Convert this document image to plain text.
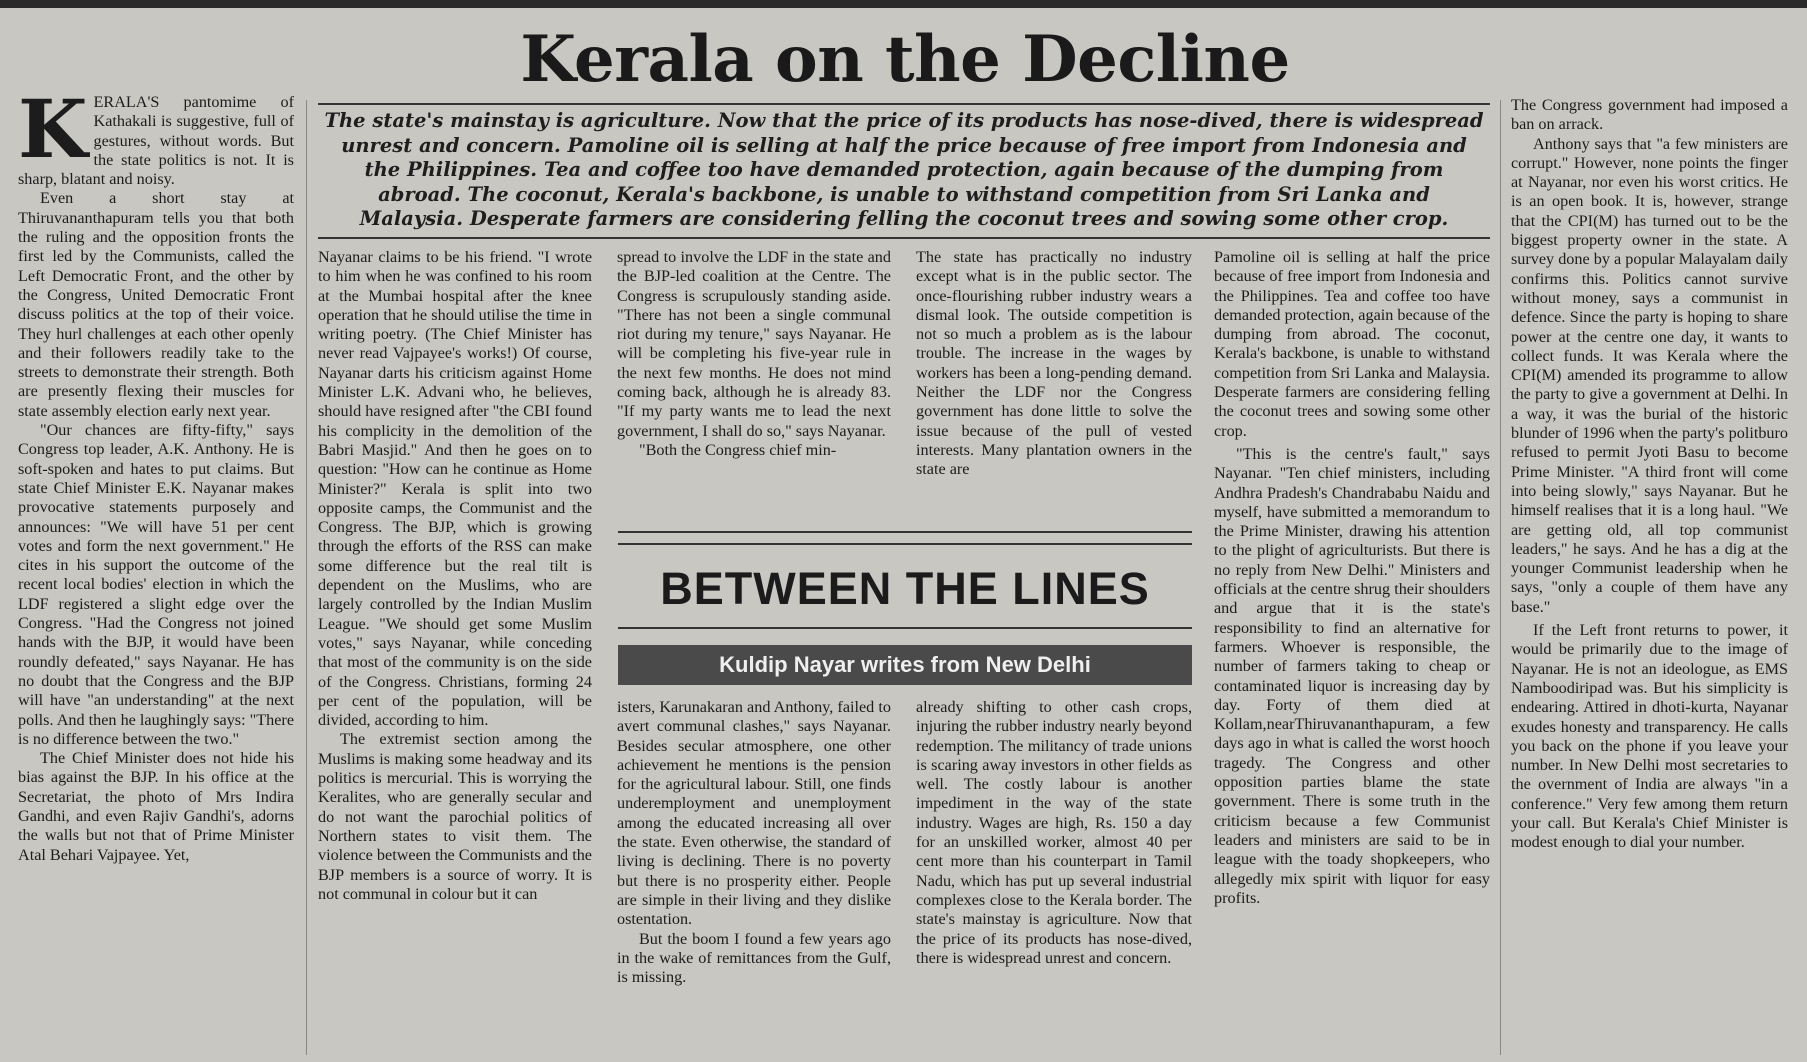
Kerala on the Decline
The state's mainstay is agriculture. Now that the price of its products has nose-dived, there is widespread unrest and concern. Pamoline oil is selling at half the price because of free import from Indonesia and the Philippines. Tea and coffee too have demanded protection, again because of the dumping from abroad. The coconut, Kerala's backbone, is unable to withstand competition from Sri Lanka and Malaysia. Desperate farmers are considering felling the coconut trees and sowing some other crop.

KERALA'S pantomime of Kathakali is suggestive, full of gestures, without words. But the state politics is not. It is sharp, blatant and noisy.

Even a short stay at Thiruvananthapuram tells you that both the ruling and the opposition fronts the first led by the Communists, called the Left Democratic Front, and the other by the Congress, United Democratic Front discuss politics at the top of their voice. They hurl challenges at each other openly and their followers readily take to the streets to demonstrate their strength. Both are presently flexing their muscles for state assembly election early next year.

"Our chances are fifty-fifty," says Congress top leader, A.K. Anthony. He is soft-spoken and hates to put claims. But state Chief Minister E.K. Nayanar makes provocative statements purposely and announces: "We will have 51 per cent votes and form the next government." He cites in his support the outcome of the recent local bodies' election in which the LDF registered a slight edge over the Congress. "Had the Congress not joined hands with the BJP, it would have been roundly defeated," says Nayanar. He has no doubt that the Congress and the BJP will have "an understanding" at the next polls. And then he laughingly says: "There is no difference between the two."

The Chief Minister does not hide his bias against the BJP. In his office at the Secretariat, the photo of Mrs Indira Gandhi, and even Rajiv Gandhi's, adorns the walls but not that of Prime Minister Atal Behari Vajpayee. Yet,

Nayanar claims to be his friend. "I wrote to him when he was confined to his room at the Mumbai hospital after the knee operation that he should utilise the time in writing poetry. (The Chief Minister has never read Vajpayee's works!) Of course, Nayanar darts his criticism against Home Minister L.K. Advani who, he believes, should have resigned after "the CBI found his complicity in the demolition of the Babri Masjid." And then he goes on to question: "How can he continue as Home Minister?" Kerala is split into two opposite camps, the Communist and the Congress. The BJP, which is growing through the efforts of the RSS can make some difference but the real tilt is dependent on the Muslims, who are largely controlled by the Indian Muslim League. "We should get some Muslim votes," says Nayanar, while conceding that most of the community is on the side of the Congress. Christians, forming 24 per cent of the population, will be divided, according to him.

The extremist section among the Muslims is making some headway and its politics is mercurial. This is worrying the Keralites, who are generally secular and do not want the parochial politics of Northern states to visit them. The violence between the Communists and the BJP members is a source of worry. It is not communal in colour but it can

spread to involve the LDF in the state and the BJP-led coalition at the Centre. The Congress is scrupulously standing aside. "There has not been a single communal riot during my tenure," says Nayanar. He will be completing his five-year rule in the next few months. He does not mind coming back, although he is already 83. "If my party wants me to lead the next government, I shall do so," says Nayanar.

"Both the Congress chief min-

The state has practically no industry except what is in the public sector. The once-flourishing rubber industry wears a dismal look. The outside competition is not so much a problem as is the labour trouble. The increase in the wages by workers has been a long-pending demand. Neither the LDF nor the Congress government has done little to solve the issue because of the pull of vested interests. Many plantation owners in the state are

BETWEEN THE LINES
Kuldip Nayar writes from New Delhi

isters, Karunakaran and Anthony, failed to avert communal clashes," says Nayanar. Besides secular atmosphere, one other achievement he mentions is the pension for the agricultural labour. Still, one finds underemployment and unemployment among the educated increasing all over the state. Even otherwise, the standard of living is declining. There is no poverty but there is no prosperity either. People are simple in their living and they dislike ostentation.

But the boom I found a few years ago in the wake of remittances from the Gulf, is missing.

already shifting to other cash crops, injuring the rubber industry nearly beyond redemption. The militancy of trade unions is scaring away investors in other fields as well. The costly labour is another impediment in the way of the state industry. Wages are high, Rs. 150 a day for an unskilled worker, almost 40 per cent more than his counterpart in Tamil Nadu, which has put up several industrial complexes close to the Kerala border. The state's mainstay is agriculture. Now that the price of its products has nose-dived, there is widespread unrest and concern.

Pamoline oil is selling at half the price because of free import from Indonesia and the Philippines. Tea and coffee too have demanded protection, again because of the dumping from abroad. The coconut, Kerala's backbone, is unable to withstand competition from Sri Lanka and Malaysia. Desperate farmers are considering felling the coconut trees and sowing some other crop.

"This is the centre's fault," says Nayanar. "Ten chief ministers, including Andhra Pradesh's Chandrababu Naidu and myself, have submitted a memorandum to the Prime Minister, drawing his attention to the plight of agriculturists. But there is no reply from New Delhi." Ministers and officials at the centre shrug their shoulders and argue that it is the state's responsibility to find an alternative for farmers. Whoever is responsible, the number of farmers taking to cheap or contaminated liquor is increasing day by day. Forty of them died at Kollam,nearThiruvananthapuram, a few days ago in what is called the worst hooch tragedy. The Congress and other opposition parties blame the state government. There is some truth in the criticism because a few Communist leaders and ministers are said to be in league with the toady shopkeepers, who allegedly mix spirit with liquor for easy profits.

The Congress government had imposed a ban on arrack.

Anthony says that "a few ministers are corrupt." However, none points the finger at Nayanar, nor even his worst critics. He is an open book. It is, however, strange that the CPI(M) has turned out to be the biggest property owner in the state. A survey done by a popular Malayalam daily confirms this. Politics cannot survive without money, says a communist in defence. Since the party is hoping to share power at the centre one day, it wants to collect funds. It was Kerala where the CPI(M) amended its programme to allow the party to give a government at Delhi. In a way, it was the burial of the historic blunder of 1996 when the party's politburo refused to permit Jyoti Basu to become Prime Minister. "A third front will come into being slowly," says Nayanar. But he himself realises that it is a long haul. "We are getting old, all top communist leaders," he says. And he has a dig at the younger Communist leadership when he says, "only a couple of them have any base."

If the Left front returns to power, it would be primarily due to the image of Nayanar. He is not an ideologue, as EMS Namboodiripad was. But his simplicity is endearing. Attired in dhoti-kurta, Nayanar exudes honesty and transparency. He calls you back on the phone if you leave your number. In New Delhi most secretaries to the overnment of India are always "in a conference." Very few among them return your call. But Kerala's Chief Minister is modest enough to dial your number.
